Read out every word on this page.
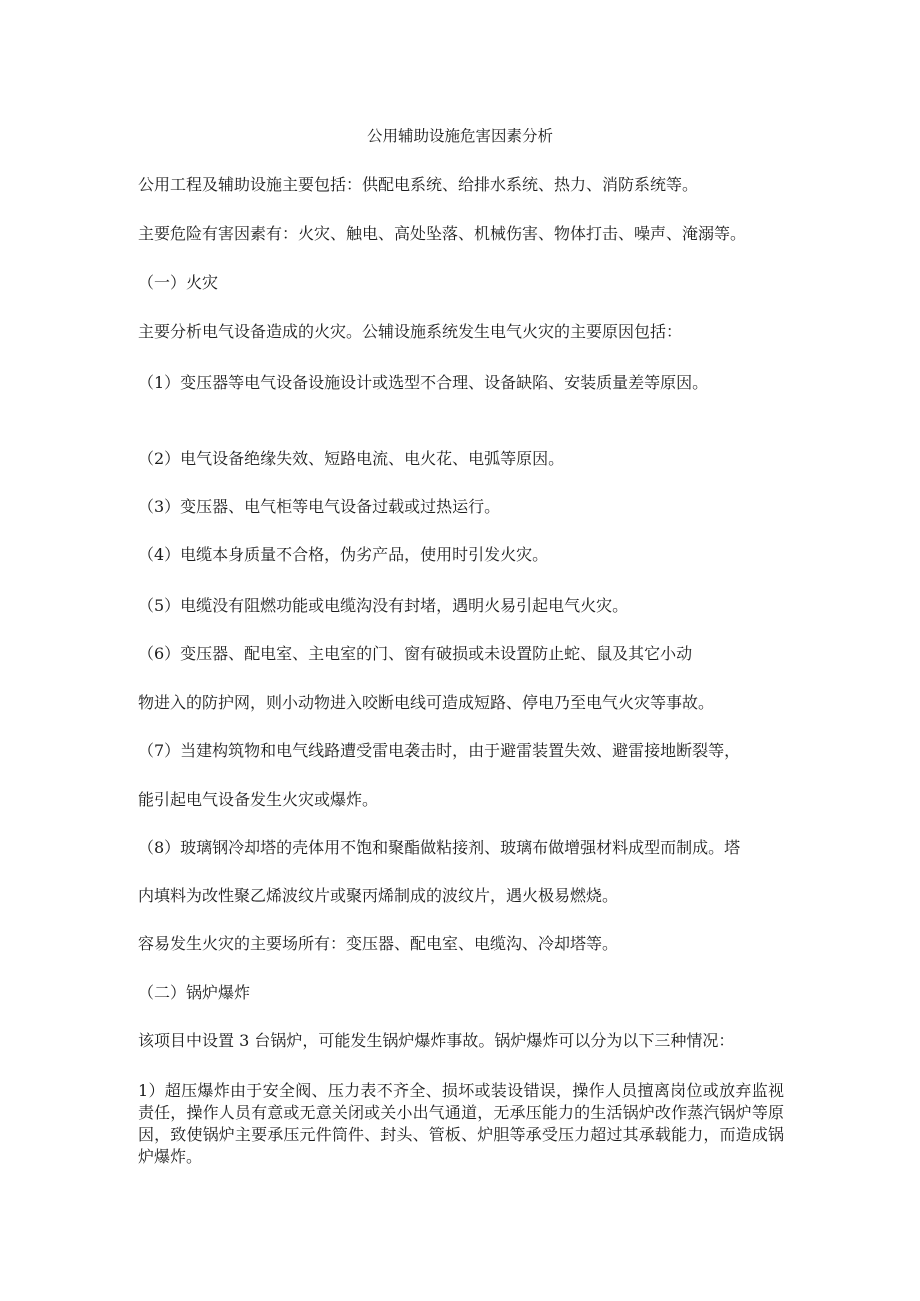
公用辅助设施危害因素分析
公用工程及辅助设施主要包括：供配电系统、给排水系统、热力、消防系统等。
主要危险有害因素有：火灾、触电、高处坠落、机械伤害、物体打击、噪声、淹溺等。
（一）火灾
主要分析电气设备造成的火灾。公辅设施系统发生电气火灾的主要原因包括：
（1）变压器等电气设备设施设计或选型不合理、设备缺陷、安装质量差等原因。
（2）电气设备绝缘失效、短路电流、电火花、电弧等原因。
（3）变压器、电气柜等电气设备过载或过热运行。
（4）电缆本身质量不合格，伪劣产品，使用时引发火灾。
（5）电缆没有阻燃功能或电缆沟没有封堵，遇明火易引起电气火灾。
（6）变压器、配电室、主电室的门、窗有破损或未设置防止蛇、鼠及其它小动
物进入的防护网，则小动物进入咬断电线可造成短路、停电乃至电气火灾等事故。
（7）当建构筑物和电气线路遭受雷电袭击时，由于避雷装置失效、避雷接地断裂等，
能引起电气设备发生火灾或爆炸。
（8）玻璃钢冷却塔的壳体用不饱和聚酯做粘接剂、玻璃布做增强材料成型而制成。塔
内填料为改性聚乙烯波纹片或聚丙烯制成的波纹片，遇火极易燃烧。
容易发生火灾的主要场所有：变压器、配电室、电缆沟、冷却塔等。
（二）锅炉爆炸
该项目中设置 3 台锅炉，可能发生锅炉爆炸事故。锅炉爆炸可以分为以下三种情况：
1）超压爆炸由于安全阀、压力表不齐全、损坏或装设错误，操作人员擅离岗位或放弃监视责任，操作人员有意或无意关闭或关小出气通道，无承压能力的生活锅炉改作蒸汽锅炉等原因，致使锅炉主要承压元件筒件、封头、管板、炉胆等承受压力超过其承载能力，而造成锅炉爆炸。
